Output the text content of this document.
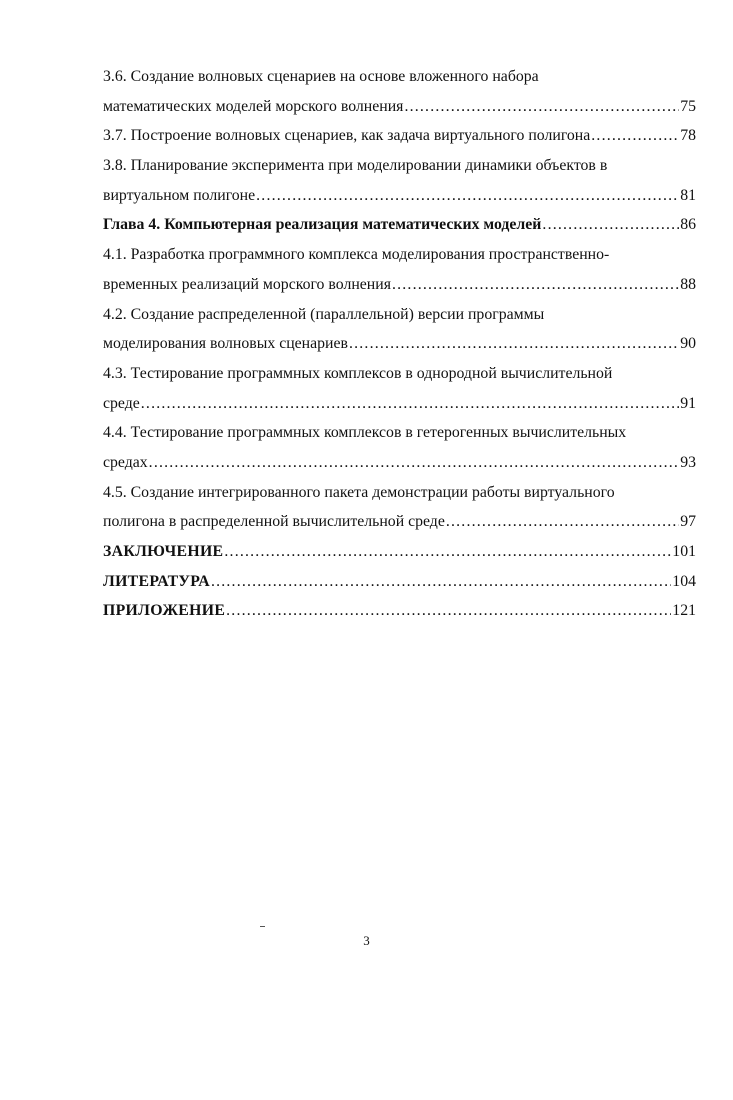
3.6. Создание волновых сценариев на основе вложенного набора
математических моделей морского волнения .....	75
3.7. Построение волновых сценариев, как задача виртуального полигона .....	78
3.8. Планирование эксперимента при моделировании динамики объектов в
виртуальном полигоне .....	81
Глава 4. Компьютерная реализация математических моделей .....	86
4.1. Разработка программного комплекса моделирования пространственно-
временных реализаций морского волнения .....	88
4.2. Создание распределенной (параллельной) версии программы
моделирования волновых сценариев .....	90
4.3. Тестирование программных комплексов в однородной вычислительной
среде .....	91
4.4. Тестирование программных комплексов в гетерогенных вычислительных
средах .....	93
4.5. Создание интегрированного пакета демонстрации работы виртуального
полигона в распределенной вычислительной среде .....	97
ЗАКЛЮЧЕНИЕ .....	101
ЛИТЕРАТУРА .....	104
ПРИЛОЖЕНИЕ .....	121
3
